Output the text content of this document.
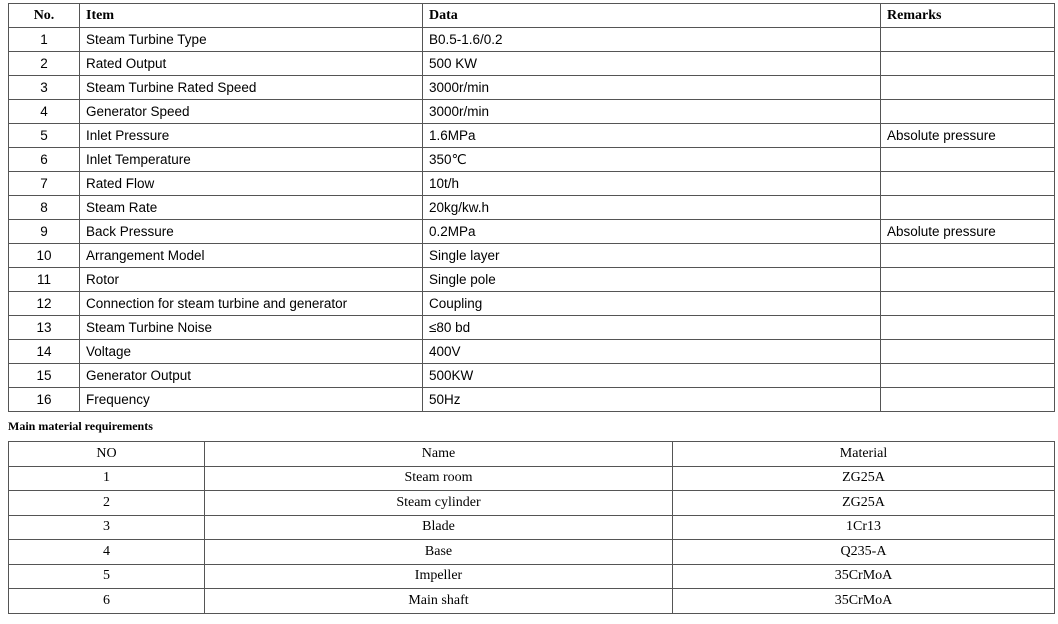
No.	Item	Data	Remarks
1	Steam Turbine Type	B0.5-1.6/0.2	
2	Rated Output	500 KW	
3	Steam Turbine Rated Speed	3000r/min	
4	Generator Speed	3000r/min	
5	Inlet Pressure	1.6MPa	Absolute pressure
6	Inlet Temperature	350℃	
7	Rated Flow	10t/h	
8	Steam Rate	20kg/kw.h	
9	Back Pressure	0.2MPa	Absolute pressure
10	Arrangement Model	Single layer	
11	Rotor	Single pole	
12	Connection for steam turbine and generator	Coupling	
13	Steam Turbine Noise	≤80 bd	
14	Voltage	400V	
15	Generator Output	500KW	
16	Frequency	50Hz	
Main material requirements
NO	Name	Material
1	Steam room	ZG25A
2	Steam cylinder	ZG25A
3	Blade	1Cr13
4	Base	Q235-A
5	Impeller	35CrMoA
6	Main shaft	35CrMoA
